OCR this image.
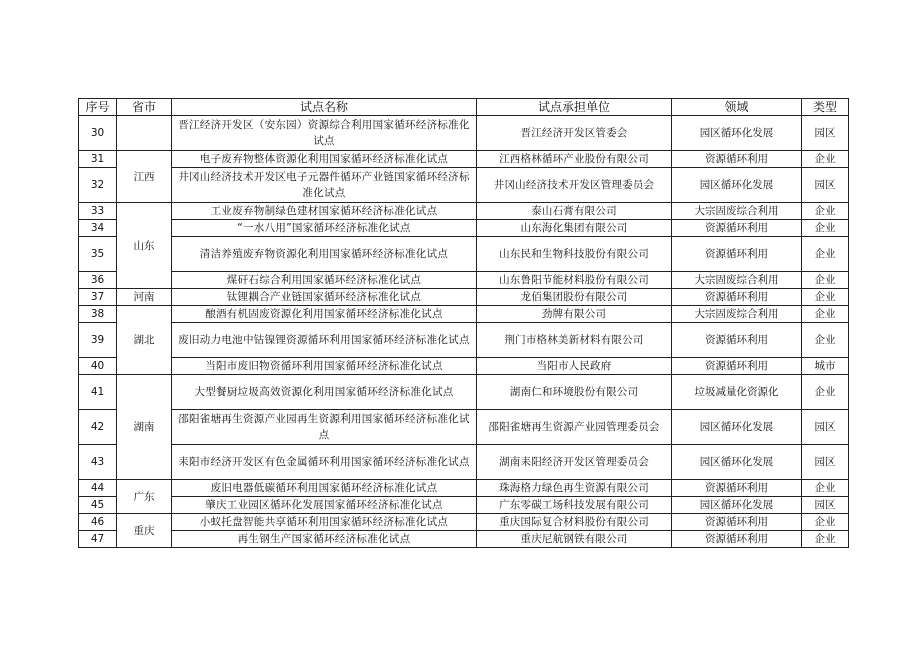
序号	省市	试点名称	试点承担单位	领域	类型
30		晋江经济开发区（安东园）资源综合利用国家循环经济标准化试点	晋江经济开发区管委会	园区循环化发展	园区
31	江西	电子废弃物整体资源化利用国家循环经济标准化试点	江西格林循环产业股份有限公司	资源循环利用	企业
32		井冈山经济技术开发区电子元器件循环产业链国家循环经济标准化试点	井冈山经济技术开发区管理委员会	园区循环化发展	园区
33	山东	工业废弃物制绿色建材国家循环经济标准化试点	泰山石膏有限公司	大宗固废综合利用	企业
34		“一水八用”国家循环经济标准化试点	山东海化集团有限公司	资源循环利用	企业
35		清洁养殖废弃物资源化利用国家循环经济标准化试点	山东民和生物科技股份有限公司	资源循环利用	企业
36		煤矸石综合利用国家循环经济标准化试点	山东鲁阳节能材料股份有限公司	大宗固废综合利用	企业
37	河南	钛锂耦合产业链国家循环经济标准化试点	龙佰集团股份有限公司	资源循环利用	企业
38	湖北	酿酒有机固废资源化利用国家循环经济标准化试点	劲牌有限公司	大宗固废综合利用	企业
39		废旧动力电池中钴镍锂资源循环利用国家循环经济标准化试点	荆门市格林美新材料有限公司	资源循环利用	企业
40		当阳市废旧物资循环利用国家循环经济标准化试点	当阳市人民政府	资源循环利用	城市
41	湖南	大型餐厨垃圾高效资源化利用国家循环经济标准化试点	湖南仁和环境股份有限公司	垃圾减量化资源化	企业
42		邵阳雀塘再生资源产业园再生资源利用国家循环经济标准化试点	邵阳雀塘再生资源产业园管理委员会	园区循环化发展	园区
43		耒阳市经济开发区有色金属循环利用国家循环经济标准化试点	湖南耒阳经济开发区管理委员会	园区循环化发展	园区
44	广东	废旧电器低碳循环利用国家循环经济标准化试点	珠海格力绿色再生资源有限公司	资源循环利用	企业
45		肇庆工业园区循环化发展国家循环经济标准化试点	广东零碳工场科技发展有限公司	园区循环化发展	园区
46	重庆	小蚁托盘智能共享循环利用国家循环经济标准化试点	重庆国际复合材料股份有限公司	资源循环利用	企业
47		再生钢生产国家循环经济标准化试点	重庆尼航钢铁有限公司	资源循环利用	企业
